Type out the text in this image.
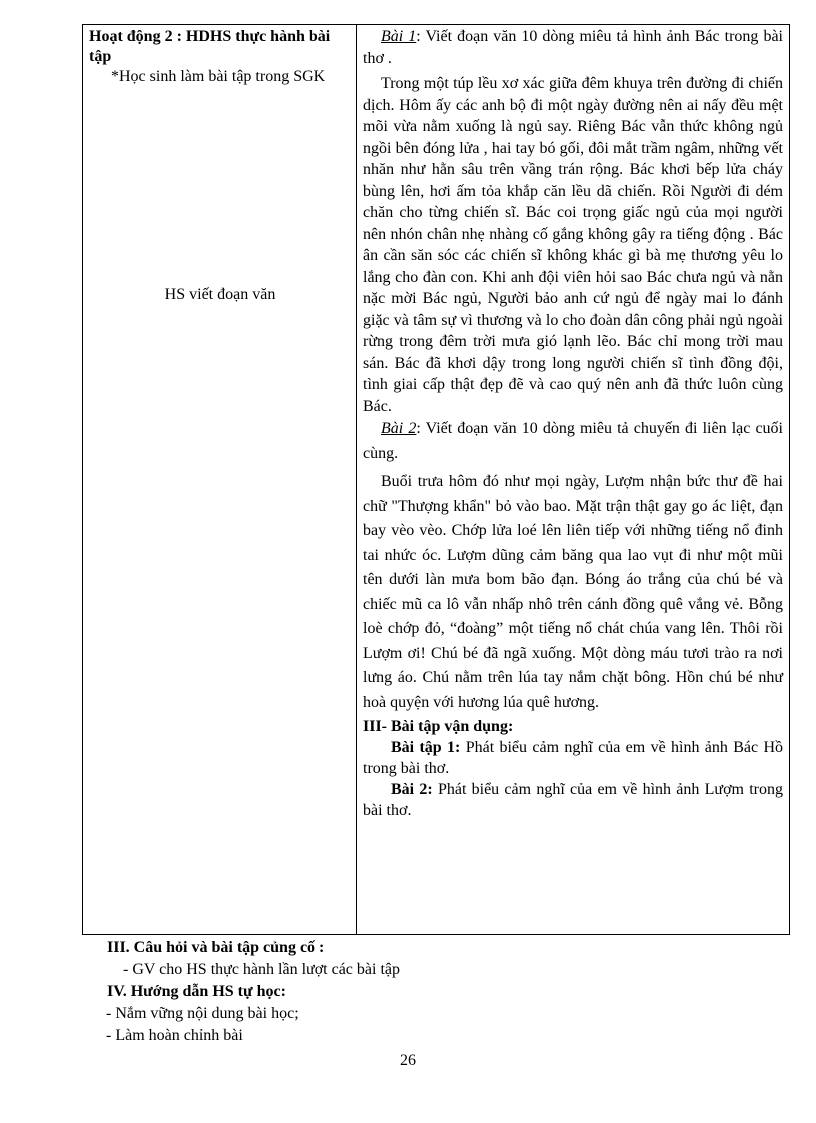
Hoạt động 2 : HDHS thực hành bài tập
*Học sinh làm bài tập trong SGK
HS viết đoạn văn

Bài 1: Viết đoạn văn 10 dòng miêu tả hình ảnh Bác trong bài thơ .

Trong một túp lều xơ xác giữa đêm khuya trên đường đi chiến dịch. Hôm ấy các anh bộ đi một ngày đường nên ai nấy đều mệt mõi vừa nằm xuống là ngủ say. Riêng Bác vẫn thức không ngủ ngồi bên đóng lửa , hai tay bó gối, đôi mắt trầm ngâm, những vết nhăn như hằn sâu trên vầng trán rộng. Bác khơi bếp lửa cháy bùng lên, hơi ấm tỏa khắp căn lều dã chiến. Rồi Người đi dém chăn cho từng chiến sĩ. Bác coi trọng giấc ngủ của mọi người nên nhón chân nhẹ nhàng cố gắng không gây ra tiếng động . Bác ân cần săn sóc các chiến sĩ không khác gì bà mẹ thương yêu lo lắng cho đàn con. Khi anh đội viên hỏi sao Bác chưa ngủ và nằn nặc mời Bác ngủ, Người bảo anh cứ ngủ để ngày mai lo đánh giặc và tâm sự vì thương và lo cho đoàn dân công phải ngủ ngoài rừng trong đêm trời mưa gió lạnh lẽo. Bác chỉ mong trời mau sán. Bác đã khơi dậy trong long người chiến sĩ tình đồng đội, tình giai cấp thật đẹp đẽ và cao quý nên anh đã thức luôn cùng Bác.

Bài 2: Viết đoạn văn 10 dòng miêu tả chuyến đi liên lạc cuối cùng.

Buổi trưa hôm đó như mọi ngày, Lượm nhận bức thư đề hai chữ "Thượng khẩn" bỏ vào bao. Mặt trận thật gay go ác liệt, đạn bay vèo vèo. Chớp lửa loé lên liên tiếp với những tiếng nổ đinh tai nhức óc. Lượm dũng cảm băng qua lao vụt đi như một mũi tên dưới làn mưa bom bão đạn. Bóng áo trắng của chú bé và chiếc mũ ca lô vẫn nhấp nhô trên cánh đồng quê vắng vẻ. Bỗng loè chớp đỏ, “đoàng” một tiếng nổ chát chúa vang lên. Thôi rồi Lượm ơi! Chú bé đã ngã xuống. Một dòng máu tươi trào ra nơi lưng áo. Chú nằm trên lúa tay nắm chặt bông. Hồn chú bé như hoà quyện với hương lúa quê hương.

III- Bài tập vận dụng:

Bài tập 1: Phát biểu cảm nghĩ của em về hình ảnh Bác Hồ trong bài thơ.

Bài 2: Phát biểu cảm nghĩ của em về hình ảnh Lượm trong bài thơ.

III. Câu hỏi và bài tập củng cố :

- GV cho HS thực hành lần lượt các bài tập

IV. Hướng dẫn HS tự học:

- Nắm vững nội dung bài học;

- Làm hoàn chỉnh bài

26
